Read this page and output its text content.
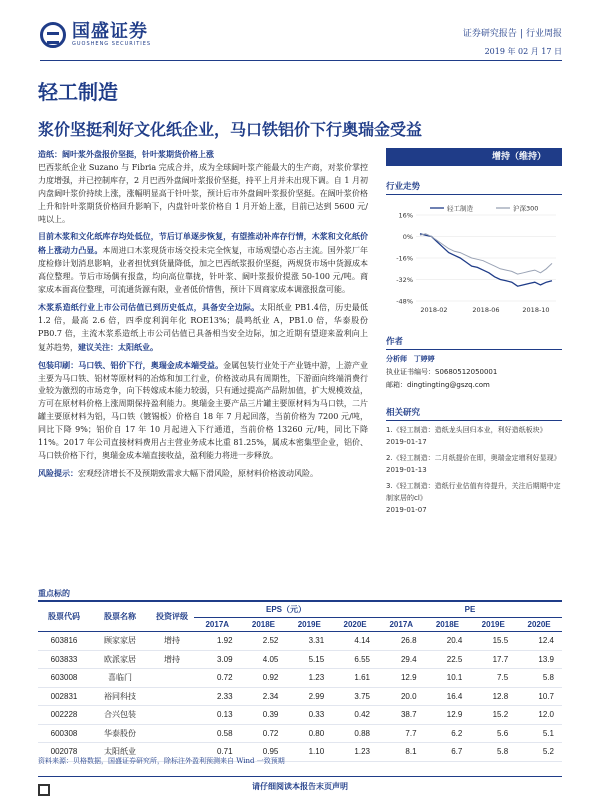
国盛证券
GUOSHENG SECURITIES
证券研究报告 | 行业周报
2019 年 02 月 17 日
轻工制造
浆价坚挺利好文化纸企业，马口铁铝价下行奥瑞金受益

造纸：阔叶浆外盘报价坚挺，针叶浆期货价格上涨
巴西浆纸企业 Suzano 与 Fibria 完成合并，成为全球阔叶浆产能最大的生产商，对浆价掌控力度增强，并已控制库存，2 月巴西外盘阔叶浆报价坚挺，持平上月并未出现下调。自 1 月初内盘阔叶浆价持续上涨，涨幅明显高于针叶浆，预计后市外盘阔叶浆报价坚挺。在阔叶浆价格上升和针叶浆期货价格回升影响下，内盘针叶浆价格自 1 月开始上涨，目前已达到 5600 元/吨以上。

目前木浆和文化纸库存均处低位，节后订单逐步恢复，有望推动补库存行情，木浆和文化纸价格上涨动力凸显。本周进口木浆现货市场交投未完全恢复，市场观望心态占主流。国外浆厂年度检修计划消息影响，业者担忧到货量降低，加之巴西纸浆报价坚挺，两规货市场中货源成本高位整理。节后市场偶有报盘，均向高位靠拢，针叶浆、阔叶浆报价提涨 50-100 元/吨。商家成本面高位整理，可流通货源有限，业者低价惜售，预计下周商家成本调涨报盘可能。

木浆系造纸行业上市公司估值已到历史低点，具备安全边际。太阳纸业 PB1.4倍，历史最低 1.2 倍，最高 2.6 倍，四季度利润年化 ROE13%；晨鸣纸业 A，PB1.0 倍，华泰股份 PB0.7 倍，主流木浆系造纸上市公司估值已具备相当安全边际，加之近期有望迎来盈利向上复苏趋势，建议关注：太阳纸业。

包装印刷：马口铁、铝价下行，奥瑞金成本端受益。金属包装行业处于产业链中游，上游产业主要为马口铁、铝材等原材料的冶炼和加工行业，价格波动具有周期性，下游面向终端消费行业较为激烈的市场竞争，向下转嫁成本能力较弱，只有通过提高产品附加值，扩大规模效益，方可在原材料价格上涨周期保持盈利能力。奥瑞金主要产品三片罐主要原材料为马口铁，二片罐主要原材料为铝，马口铁（镀锡板）价格自 18 年 7 月起回落，当前价格为 7200 元/吨，同比下降 9%；铝价自 17 年 10 月起进入下行通道，当前价格 13260 元/吨，同比下降 11%。2017 年公司直接材料费用占主营业务成本比重 81.25%，属成本密集型企业，铝价、马口铁价格下行，奥瑞金成本端直接收益，盈利能力将进一步释放。

风险提示：宏观经济增长不及预期致需求大幅下滑风险，原材料价格波动风险。

增持（维持）
行业走势
16%
0%
-16%
-32%
-48%
2018-02	2018-06	2018-10
轻工制造	沪深300
作者
分析师 丁婷婷
执业证书编号：S0680512050001
邮箱：dingtingting@gszq.com
相关研究
1.《轻工制造：造纸龙头回归本业，利好造纸板块》
2019-01-17
2.《轻工制造：二月纸提价在即，奥瑞金定增利好显现》
2019-01-13
3.《轻工制造：造纸行业估值有待提升，关注后期期中定制家居的cl》
2019-01-07
重点标的
股票代码	股票名称	投资评级	EPS（元）				PE			
			2017A	2018E	2019E	2020E	2017A	2018E	2019E	2020E
603816	顾家家居	增持	1.92	2.52	3.31	4.14	26.8	20.4	15.5	12.4
603833	欧派家居	增持	3.09	4.05	5.15	6.55	29.4	22.5	17.7	13.9
603008	喜临门		0.72	0.92	1.23	1.61	12.9	10.1	7.5	5.8
002831	裕同科技		2.33	2.34	2.99	3.75	20.0	16.4	12.8	10.7
002228	合兴包装		0.13	0.39	0.33	0.42	38.7	12.9	15.2	12.0
600308	华泰股份		0.58	0.72	0.80	0.88	7.7	6.2	5.6	5.1
002078	太阳纸业		0.71	0.95	1.10	1.23	8.1	6.7	5.8	5.2
资料来源：贝格数据，国盛证券研究所，除标注外盈利预测来自 Wind 一致预期
请仔细阅读本报告末页声明
